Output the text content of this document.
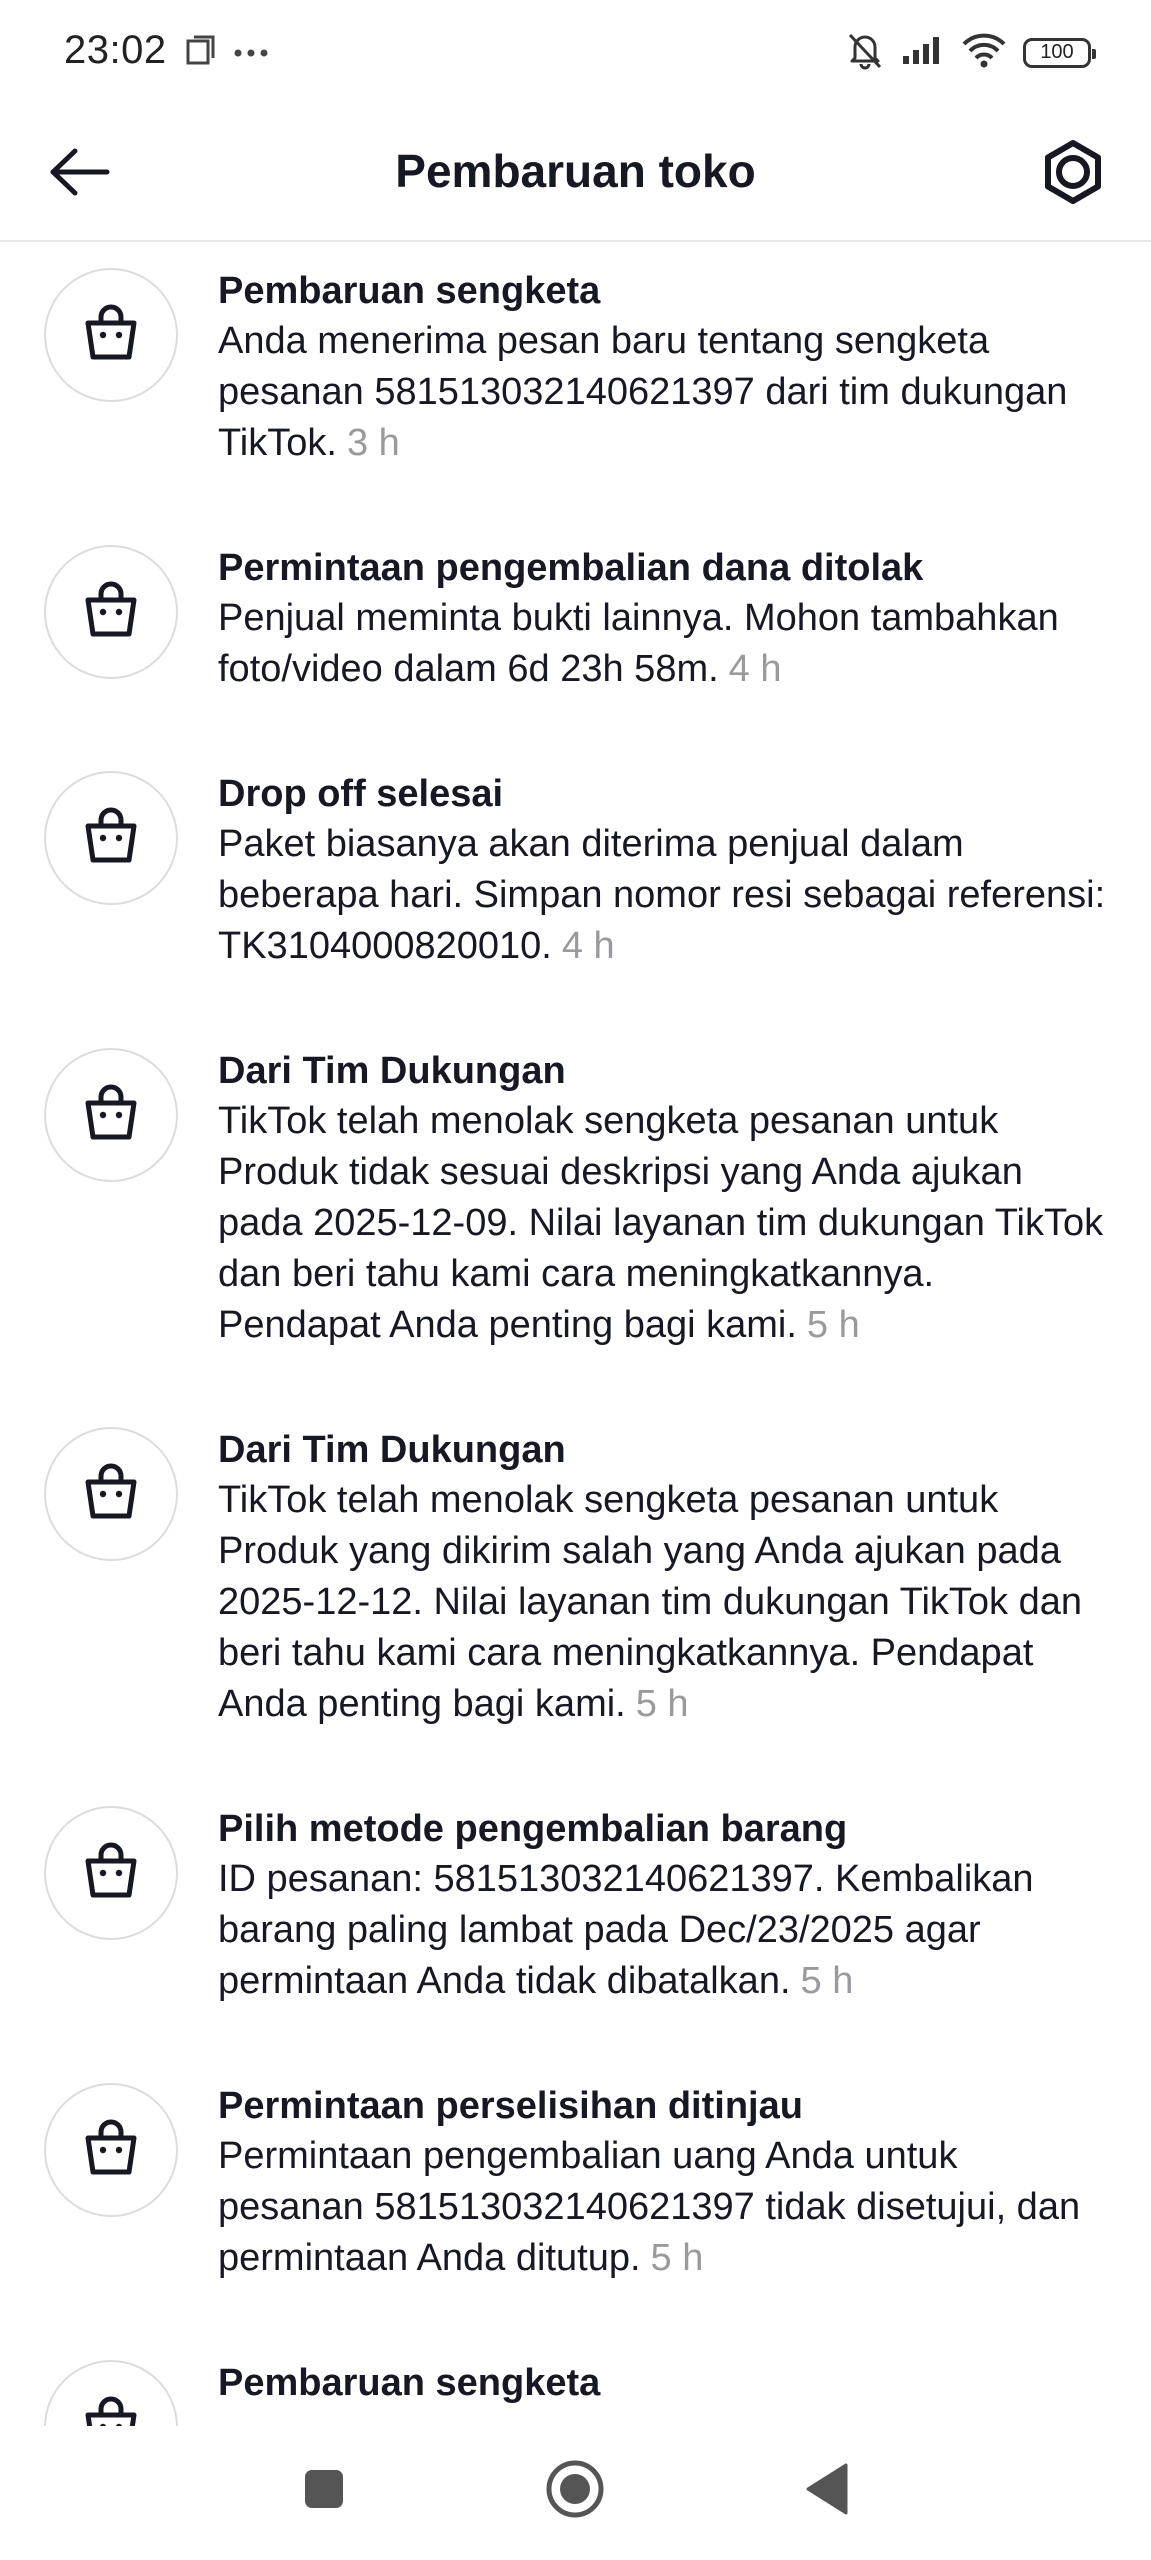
23:02	100
Pembaruan toko
Pembaruan sengketa
Anda menerima pesan baru tentang sengketa pesanan 581513032140621397 dari tim dukungan TikTok. 3 h
Permintaan pengembalian dana ditolak
Penjual meminta bukti lainnya. Mohon tambahkan foto/video dalam 6d 23h 58m. 4 h
Drop off selesai
Paket biasanya akan diterima penjual dalam beberapa hari. Simpan nomor resi sebagai referensi: TK3104000820010. 4 h
Dari Tim Dukungan
TikTok telah menolak sengketa pesanan untuk Produk tidak sesuai deskripsi yang Anda ajukan pada 2025-12-09. Nilai layanan tim dukungan TikTok dan beri tahu kami cara meningkatkannya. Pendapat Anda penting bagi kami. 5 h
Dari Tim Dukungan
TikTok telah menolak sengketa pesanan untuk Produk yang dikirim salah yang Anda ajukan pada 2025-12-12. Nilai layanan tim dukungan TikTok dan beri tahu kami cara meningkatkannya. Pendapat Anda penting bagi kami. 5 h
Pilih metode pengembalian barang
ID pesanan: 581513032140621397. Kembalikan barang paling lambat pada Dec/23/2025 agar permintaan Anda tidak dibatalkan. 5 h
Permintaan perselisihan ditinjau
Permintaan pengembalian uang Anda untuk pesanan 581513032140621397 tidak disetujui, dan permintaan Anda ditutup. 5 h
Pembaruan sengketa
